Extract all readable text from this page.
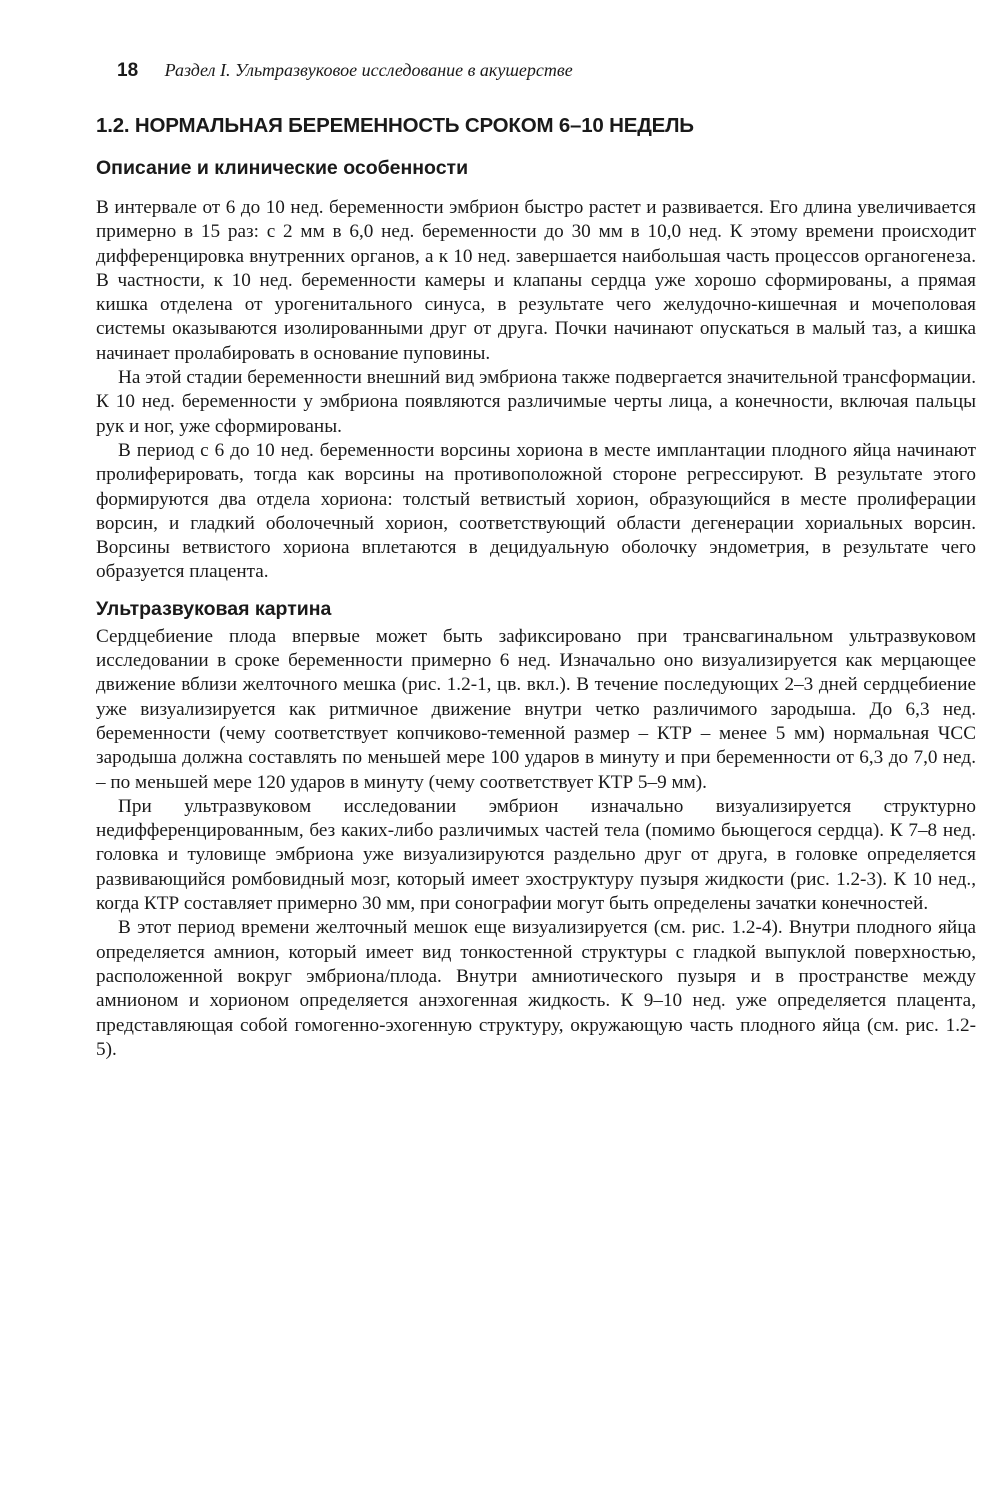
18 Раздел I. Ультразвуковое исследование в акушерстве
1.2. НОРМАЛЬНАЯ БЕРЕМЕННОСТЬ СРОКОМ 6–10 НЕДЕЛЬ
Описание и клинические особенности

В интервале от 6 до 10 нед. беременности эмбрион быстро растет и развивается. Его длина увеличивается примерно в 15 раз: с 2 мм в 6,0 нед. беременности до 30 мм в 10,0 нед. К этому времени происходит дифференцировка внутренних органов, а к 10 нед. завершается наибольшая часть процессов органогенеза. В частности, к 10 нед. беременности камеры и клапаны сердца уже хорошо сформированы, а прямая кишка отделена от урогенитального синуса, в результате чего желудочно-кишечная и мочеполовая системы оказываются изолированными друг от друга. Почки начинают опускаться в малый таз, а кишка начинает пролабировать в основание пуповины.

На этой стадии беременности внешний вид эмбриона также подвергается значительной трансформации. К 10 нед. беременности у эмбриона появляются различимые черты лица, а конечности, включая пальцы рук и ног, уже сформированы.

В период с 6 до 10 нед. беременности ворсины хориона в месте имплантации плодного яйца начинают пролиферировать, тогда как ворсины на противоположной стороне регрессируют. В результате этого формируются два отдела хориона: толстый ветвистый хорион, образующийся в месте пролиферации ворсин, и гладкий оболочечный хорион, соответствующий области дегенерации хориальных ворсин. Ворсины ветвистого хориона вплетаются в децидуальную оболочку эндометрия, в результате чего образуется плацента.

Ультразвуковая картина

Сердцебиение плода впервые может быть зафиксировано при трансвагинальном ультразвуковом исследовании в сроке беременности примерно 6 нед. Изначально оно визуализируется как мерцающее движение вблизи желточного мешка (рис. 1.2-1, цв. вкл.). В течение последующих 2–3 дней сердцебиение уже визуализируется как ритмичное движение внутри четко различимого зародыша. До 6,3 нед. беременности (чему соответствует копчиково-теменной размер – КТР – менее 5 мм) нормальная ЧСС зародыша должна составлять по меньшей мере 100 ударов в минуту и при беременности от 6,3 до 7,0 нед. – по меньшей мере 120 ударов в минуту (чему соответствует КТР 5–9 мм).

При ультразвуковом исследовании эмбрион изначально визуализируется структурно недифференцированным, без каких-либо различимых частей тела (помимо бьющегося сердца). К 7–8 нед. головка и туловище эмбриона уже визуализируются раздельно друг от друга, в головке определяется развивающийся ромбовидный мозг, который имеет эхоструктуру пузыря жидкости (рис. 1.2-3). К 10 нед., когда КТР составляет примерно 30 мм, при сонографии могут быть определены зачатки конечностей.

В этот период времени желточный мешок еще визуализируется (см. рис. 1.2-4). Внутри плодного яйца определяется амнион, который имеет вид тонкостенной структуры с гладкой выпуклой поверхностью, расположенной вокруг эмбриона/плода. Внутри амниотического пузыря и в пространстве между амнионом и хорионом определяется анэхогенная жидкость. К 9–10 нед. уже определяется плацента, представляющая собой гомогенно-эхогенную структуру, окружающую часть плодного яйца (см. рис. 1.2-5).
